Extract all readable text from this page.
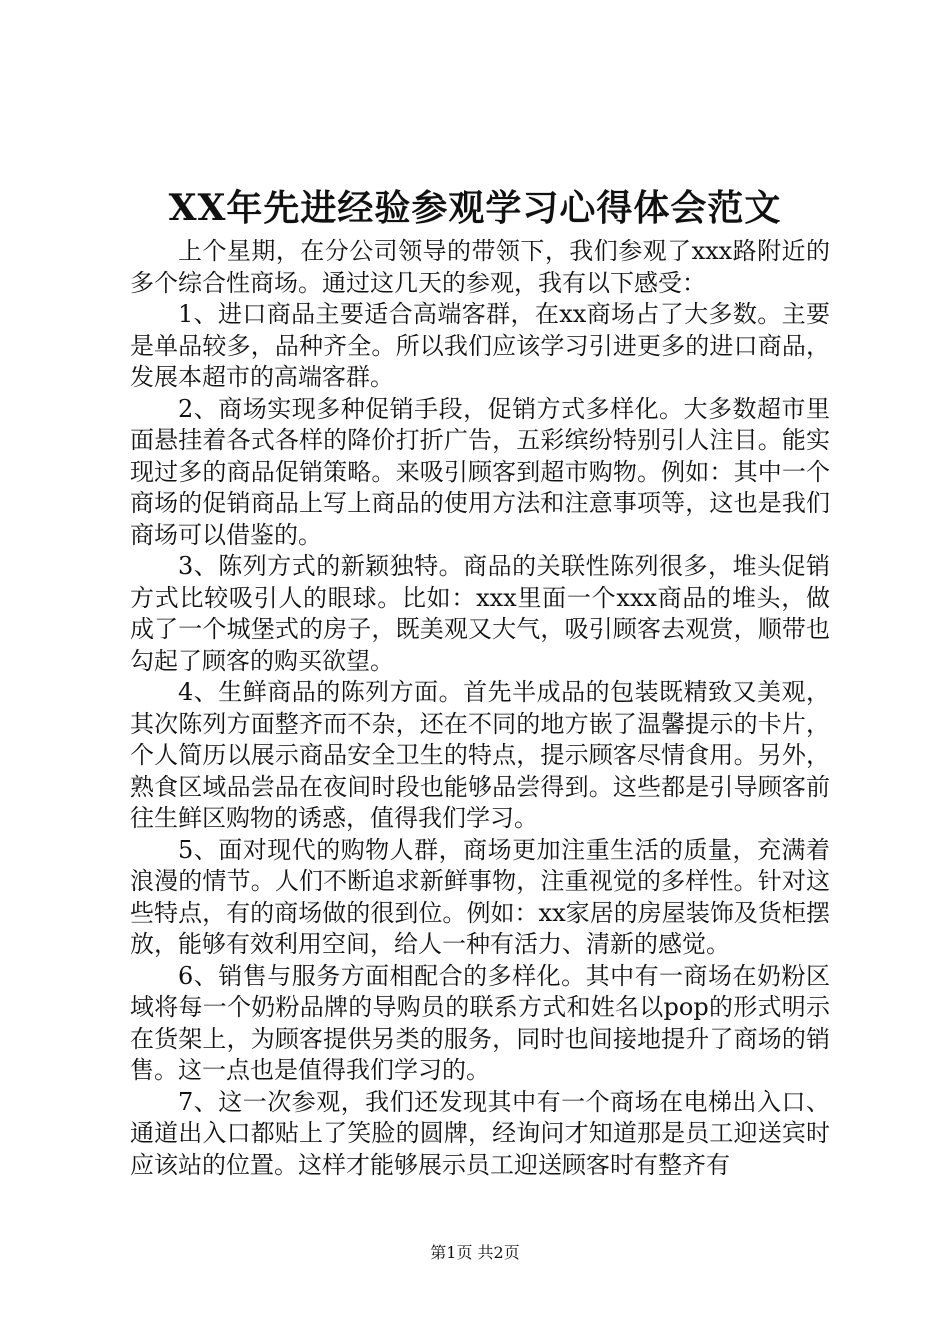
XX年先进经验参观学习心得体会范文

上个星期，在分公司领导的带领下，我们参观了xxx路附近的多个综合性商场。通过这几天的参观，我有以下感受：

1、进口商品主要适合高端客群，在xx商场占了大多数。主要是单品较多，品种齐全。所以我们应该学习引进更多的进口商品，发展本超市的高端客群。

2、商场实现多种促销手段，促销方式多样化。大多数超市里面悬挂着各式各样的降价打折广告，五彩缤纷特别引人注目。能实现过多的商品促销策略。来吸引顾客到超市购物。例如：其中一个商场的促销商品上写上商品的使用方法和注意事项等，这也是我们商场可以借鉴的。

3、陈列方式的新颖独特。商品的关联性陈列很多，堆头促销方式比较吸引人的眼球。比如：xxx里面一个xxx商品的堆头，做成了一个城堡式的房子，既美观又大气，吸引顾客去观赏，顺带也勾起了顾客的购买欲望。

4、生鲜商品的陈列方面。首先半成品的包装既精致又美观，其次陈列方面整齐而不杂，还在不同的地方嵌了温馨提示的卡片，个人简历以展示商品安全卫生的特点，提示顾客尽情食用。另外，熟食区域品尝品在夜间时段也能够品尝得到。这些都是引导顾客前往生鲜区购物的诱惑，值得我们学习。

5、面对现代的购物人群，商场更加注重生活的质量，充满着浪漫的情节。人们不断追求新鲜事物，注重视觉的多样性。针对这些特点，有的商场做的很到位。例如：xx家居的房屋装饰及货柜摆放，能够有效利用空间，给人一种有活力、清新的感觉。

6、销售与服务方面相配合的多样化。其中有一商场在奶粉区域将每一个奶粉品牌的导购员的联系方式和姓名以pop的形式明示在货架上，为顾客提供另类的服务，同时也间接地提升了商场的销售。这一点也是值得我们学习的。

7、这一次参观，我们还发现其中有一个商场在电梯出入口、通道出入口都贴上了笑脸的圆牌，经询问才知道那是员工迎送宾时应该站的位置。这样才能够展示员工迎送顾客时有整齐有

第1页 共2页
